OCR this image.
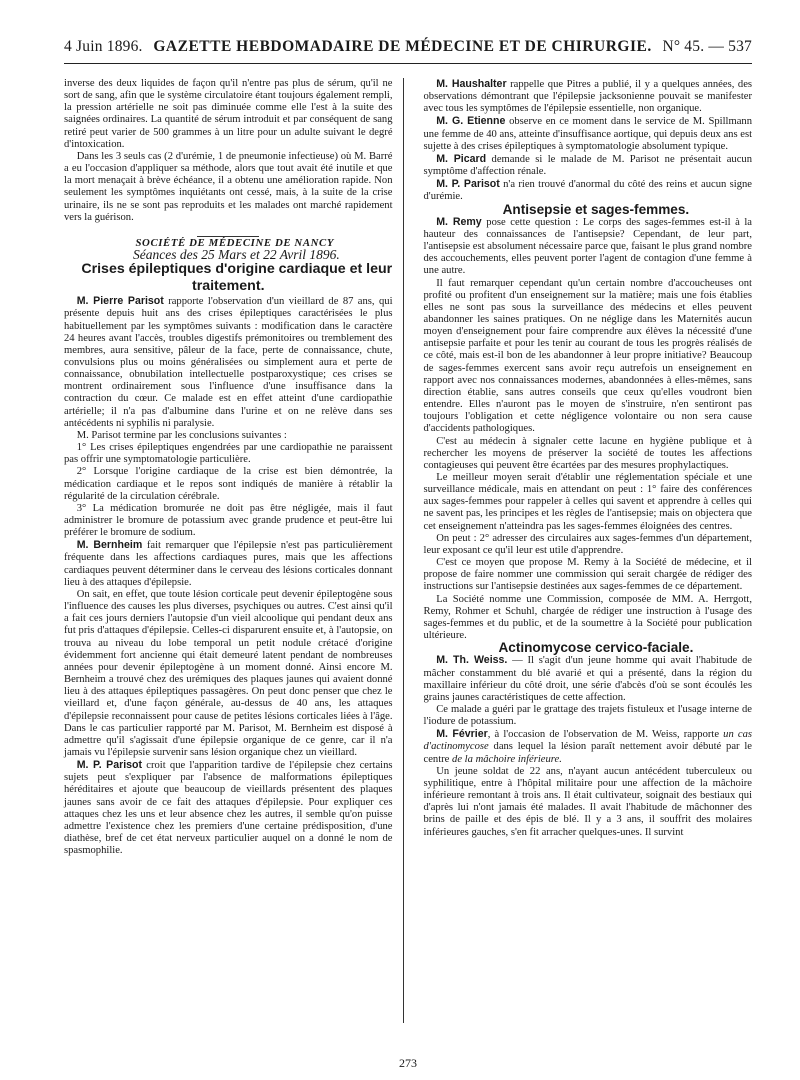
4 Juin 1896. GAZETTE HEBDOMADAIRE DE MÉDECINE ET DE CHIRURGIE. N° 45. — 537

inverse des deux liquides de façon qu'il n'entre pas plus de sérum, qu'il ne sort de sang, afin que le système circulatoire étant toujours également rempli, la pression artérielle ne soit pas diminuée comme elle l'est à la suite des saignées ordinaires. La quantité de sérum introduit et par conséquent de sang retiré peut varier de 500 grammes à un litre pour un adulte suivant le degré d'intoxication.

Dans les 3 seuls cas (2 d'urémie, 1 de pneumonie infectieuse) où M. Barré a eu l'occasion d'appliquer sa méthode, alors que tout avait été inutile et que la mort menaçait à brève échéance, il a obtenu une amélioration rapide. Non seulement les symptômes inquiétants ont cessé, mais, à la suite de la crise urinaire, ils ne se sont pas reproduits et les malades ont marché rapidement vers la guérison.

SOCIÉTÉ DE MÉDECINE DE NANCY

Séances des 25 Mars et 22 Avril 1896.

Crises épileptiques d'origine cardiaque et leur traitement.

M. Pierre Parisot rapporte l'observation d'un vieillard de 87 ans, qui présente depuis huit ans des crises épileptiques caractérisées le plus habituellement par les symptômes suivants : modification dans le caractère 24 heures avant l'accès, troubles digestifs prémonitoires ou tremblement des membres, aura sensitive, pâleur de la face, perte de connaissance, chute, convulsions plus ou moins généralisées ou simplement aura et perte de connaissance, obnubilation intellectuelle postparoxystique; ces crises se montrent ordinairement sous l'influence d'une insuffisance dans la contraction du cœur. Ce malade est en effet atteint d'une cardiopathie artérielle; il n'a pas d'albumine dans l'urine et on ne relève dans ses antécédents ni syphilis ni paralysie.

M. Parisot termine par les conclusions suivantes :

1° Les crises épileptiques engendrées par une cardiopathie ne paraissent pas offrir une symptomatologie particulière.

2° Lorsque l'origine cardiaque de la crise est bien démontrée, la médication cardiaque et le repos sont indiqués de manière à rétablir la régularité de la circulation cérébrale.

3° La médication bromurée ne doit pas être négligée, mais il faut administrer le bromure de potassium avec grande prudence et peut-être lui préférer le bromure de sodium.

M. Bernheim fait remarquer que l'épilepsie n'est pas particulièrement fréquente dans les affections cardiaques pures, mais que les affections cardiaques peuvent déterminer dans le cerveau des lésions corticales donnant lieu à des attaques d'épilepsie.

On sait, en effet, que toute lésion corticale peut devenir épileptogène sous l'influence des causes les plus diverses, psychiques ou autres. C'est ainsi qu'il a fait ces jours derniers l'autopsie d'un vieil alcoolique qui pendant deux ans fut pris d'attaques d'épilepsie. Celles-ci disparurent ensuite et, à l'autopsie, on trouva au niveau du lobe temporal un petit nodule crétacé d'origine évidemment fort ancienne qui était demeuré latent pendant de nombreuses années pour devenir épileptogène à un moment donné. Ainsi encore M. Bernheim a trouvé chez des urémiques des plaques jaunes qui avaient donné lieu à des attaques épileptiques passagères. On peut donc penser que chez le vieillard et, d'une façon générale, au-dessus de 40 ans, les attaques d'épilepsie reconnaissent pour cause de petites lésions corticales liées à l'âge. Dans le cas particulier rapporté par M. Parisot, M. Bernheim est disposé à admettre qu'il s'agissait d'une épilepsie organique de ce genre, car il n'a jamais vu l'épilepsie survenir sans lésion organique chez un vieillard.

M. P. Parisot croit que l'apparition tardive de l'épilepsie chez certains sujets peut s'expliquer par l'absence de malformations épileptiques héréditaires et ajoute que beaucoup de vieillards présentent des plaques jaunes sans avoir de ce fait des attaques d'épilepsie. Pour expliquer ces attaques chez les uns et leur absence chez les autres, il semble qu'on puisse admettre l'existence chez les premiers d'une certaine prédisposition, d'une diathèse, bref de cet état nerveux particulier auquel on a donné le nom de spasmophilie.

M. Haushalter rappelle que Pitres a publié, il y a quelques années, des observations démontrant que l'épilepsie jacksonienne pouvait se manifester avec tous les symptômes de l'épilepsie essentielle, non organique.

M. G. Etienne observe en ce moment dans le service de M. Spillmann une femme de 40 ans, atteinte d'insuffisance aortique, qui depuis deux ans est sujette à des crises épileptiques à symptomatologie absolument typique.

M. Picard demande si le malade de M. Parisot ne présentait aucun symptôme d'affection rénale.

M. P. Parisot n'a rien trouvé d'anormal du côté des reins et aucun signe d'urémie.

Antisepsie et sages-femmes.

M. Remy pose cette question : Le corps des sages-femmes est-il à la hauteur des connaissances de l'antisepsie? Cependant, de leur part, l'antisepsie est absolument nécessaire parce que, faisant le plus grand nombre des accouchements, elles peuvent porter l'agent de contagion d'une femme à une autre.

Il faut remarquer cependant qu'un certain nombre d'accoucheuses ont profité ou profitent d'un enseignement sur la matière; mais une fois établies elles ne sont pas sous la surveillance des médecins et elles peuvent abandonner les saines pratiques. On ne néglige dans les Maternités aucun moyen d'enseignement pour faire comprendre aux élèves la nécessité d'une antisepsie parfaite et pour les tenir au courant de tous les progrès réalisés de ce côté, mais est-il bon de les abandonner à leur propre initiative? Beaucoup de sages-femmes exercent sans avoir reçu autrefois un enseignement en rapport avec nos connaissances modernes, abandonnées à elles-mêmes, sans direction établie, sans autres conseils que ceux qu'elles voudront bien entendre. Elles n'auront pas le moyen de s'instruire, n'en sentiront pas toujours l'obligation et cette négligence volontaire ou non sera cause d'accidents pathologiques.

C'est au médecin à signaler cette lacune en hygiène publique et à rechercher les moyens de préserver la société de toutes les affections contagieuses qui peuvent être écartées par des mesures prophylactiques.

Le meilleur moyen serait d'établir une réglementation spéciale et une surveillance médicale, mais en attendant on peut : 1° faire des conférences aux sages-femmes pour rappeler à celles qui savent et apprendre à celles qui ne savent pas, les principes et les règles de l'antisepsie; mais on objectera que cet enseignement n'atteindra pas les sages-femmes éloignées des centres.

On peut : 2° adresser des circulaires aux sages-femmes d'un département, leur exposant ce qu'il leur est utile d'apprendre.

C'est ce moyen que propose M. Remy à la Société de médecine, et il propose de faire nommer une commission qui serait chargée de rédiger des instructions sur l'antisepsie destinées aux sages-femmes de ce département.

La Société nomme une Commission, composée de MM. A. Herrgott, Remy, Rohmer et Schuhl, chargée de rédiger une instruction à l'usage des sages-femmes et du public, et de la soumettre à la Société pour publication ultérieure.

Actinomycose cervico-faciale.

M. Th. Weiss. — Il s'agit d'un jeune homme qui avait l'habitude de mâcher constamment du blé avarié et qui a présenté, dans la région du maxillaire inférieur du côté droit, une série d'abcès d'où se sont écoulés les grains jaunes caractéristiques de cette affection.

Ce malade a guéri par le grattage des trajets fistuleux et l'usage interne de l'iodure de potassium.

M. Février, à l'occasion de l'observation de M. Weiss, rapporte un cas d'actinomycose dans lequel la lésion paraît nettement avoir débuté par le centre de la mâchoire inférieure.

Un jeune soldat de 22 ans, n'ayant aucun antécédent tuberculeux ou syphilitique, entre à l'hôpital militaire pour une affection de la mâchoire inférieure remontant à trois ans. Il était cultivateur, soignait des bestiaux qui d'après lui n'ont jamais été malades. Il avait l'habitude de mâchonner des brins de paille et des épis de blé. Il y a 3 ans, il souffrit des molaires inférieures gauches, s'en fit arracher quelques-unes. Il survint

273
